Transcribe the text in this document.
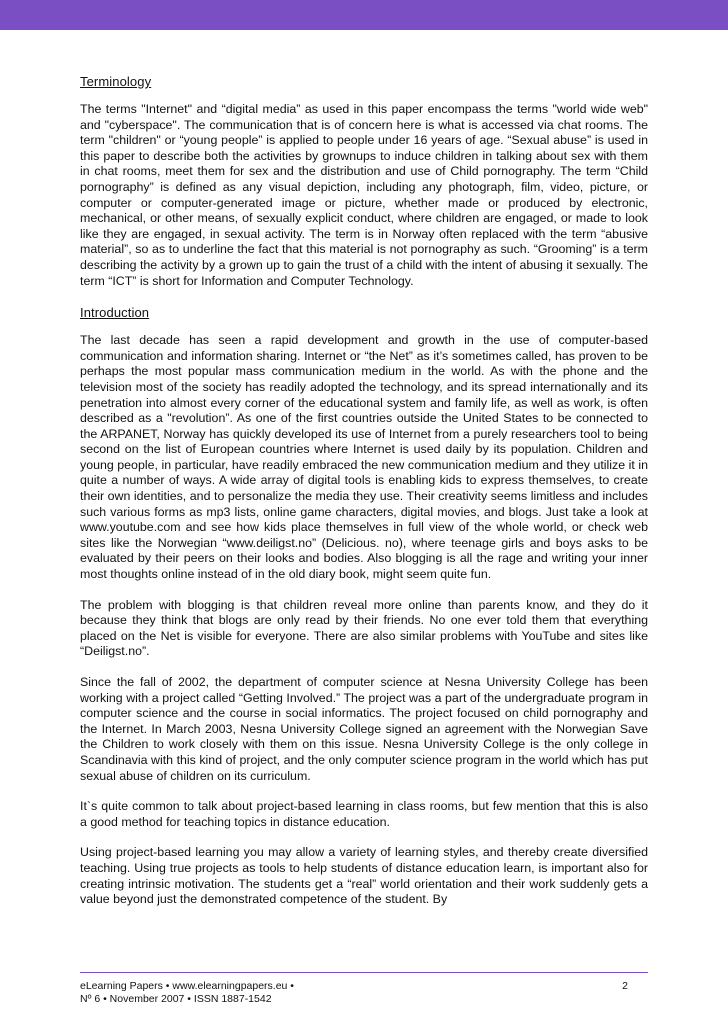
Terminology

The terms "Internet" and “digital media” as used in this paper encompass the terms "world wide web" and "cyberspace". The communication that is of concern here is what is accessed via chat rooms. The term "children" or “young people” is applied to people under 16 years of age. “Sexual abuse” is used in this paper to describe both the activities by grownups to induce children in talking about sex with them in chat rooms, meet them for sex and the distribution and use of Child pornography. The term “Child pornography” is defined as any visual depiction, including any photograph, film, video, picture, or computer or computer-generated image or picture, whether made or produced by electronic, mechanical, or other means, of sexually explicit conduct, where children are engaged, or made to look like they are engaged, in sexual activity. The term is in Norway often replaced with the term “abusive material”, so as to underline the fact that this material is not pornography as such. “Grooming” is a term describing the activity by a grown up to gain the trust of a child with the intent of abusing it sexually. The term “ICT” is short for Information and Computer Technology.

Introduction

The last decade has seen a rapid development and growth in the use of computer-based communication and information sharing. Internet or “the Net” as it’s sometimes called, has proven to be perhaps the most popular mass communication medium in the world. As with the phone and the television most of the society has readily adopted the technology, and its spread internationally and its penetration into almost every corner of the educational system and family life, as well as work, is often described as a "revolution”. As one of the first countries outside the United States to be connected to the ARPANET, Norway has quickly developed its use of Internet from a purely researchers tool to being second on the list of European countries where Internet is used daily by its population. Children and young people, in particular, have readily embraced the new communication medium and they utilize it in quite a number of ways. A wide array of digital tools is enabling kids to express themselves, to create their own identities, and to personalize the media they use. Their creativity seems limitless and includes such various forms as mp3 lists, online game characters, digital movies, and blogs. Just take a look at www.youtube.com and see how kids place themselves in full view of the whole world, or check web sites like the Norwegian “www.deiligst.no” (Delicious. no), where teenage girls and boys asks to be evaluated by their peers on their looks and bodies. Also blogging is all the rage and writing your inner most thoughts online instead of in the old diary book, might seem quite fun.

The problem with blogging is that children reveal more online than parents know, and they do it because they think that blogs are only read by their friends. No one ever told them that everything placed on the Net is visible for everyone. There are also similar problems with YouTube and sites like “Deiligst.no”.

Since the fall of 2002, the department of computer science at Nesna University College has been working with a project called “Getting Involved.” The project was a part of the undergraduate program in computer science and the course in social informatics. The project focused on child pornography and the Internet. In March 2003, Nesna University College signed an agreement with the Norwegian Save the Children to work closely with them on this issue. Nesna University College is the only college in Scandinavia with this kind of project, and the only computer science program in the world which has put sexual abuse of children on its curriculum.

It`s quite common to talk about project-based learning in class rooms, but few mention that this is also a good method for teaching topics in distance education.

Using project-based learning you may allow a variety of learning styles, and thereby create diversified teaching. Using true projects as tools to help students of distance education learn, is important also for creating intrinsic motivation. The students get a “real” world orientation and their work suddenly gets a value beyond just the demonstrated competence of the student. By

eLearning Papers • www.elearningpapers.eu •
Nº 6 • November 2007 • ISSN 1887-1542
2
